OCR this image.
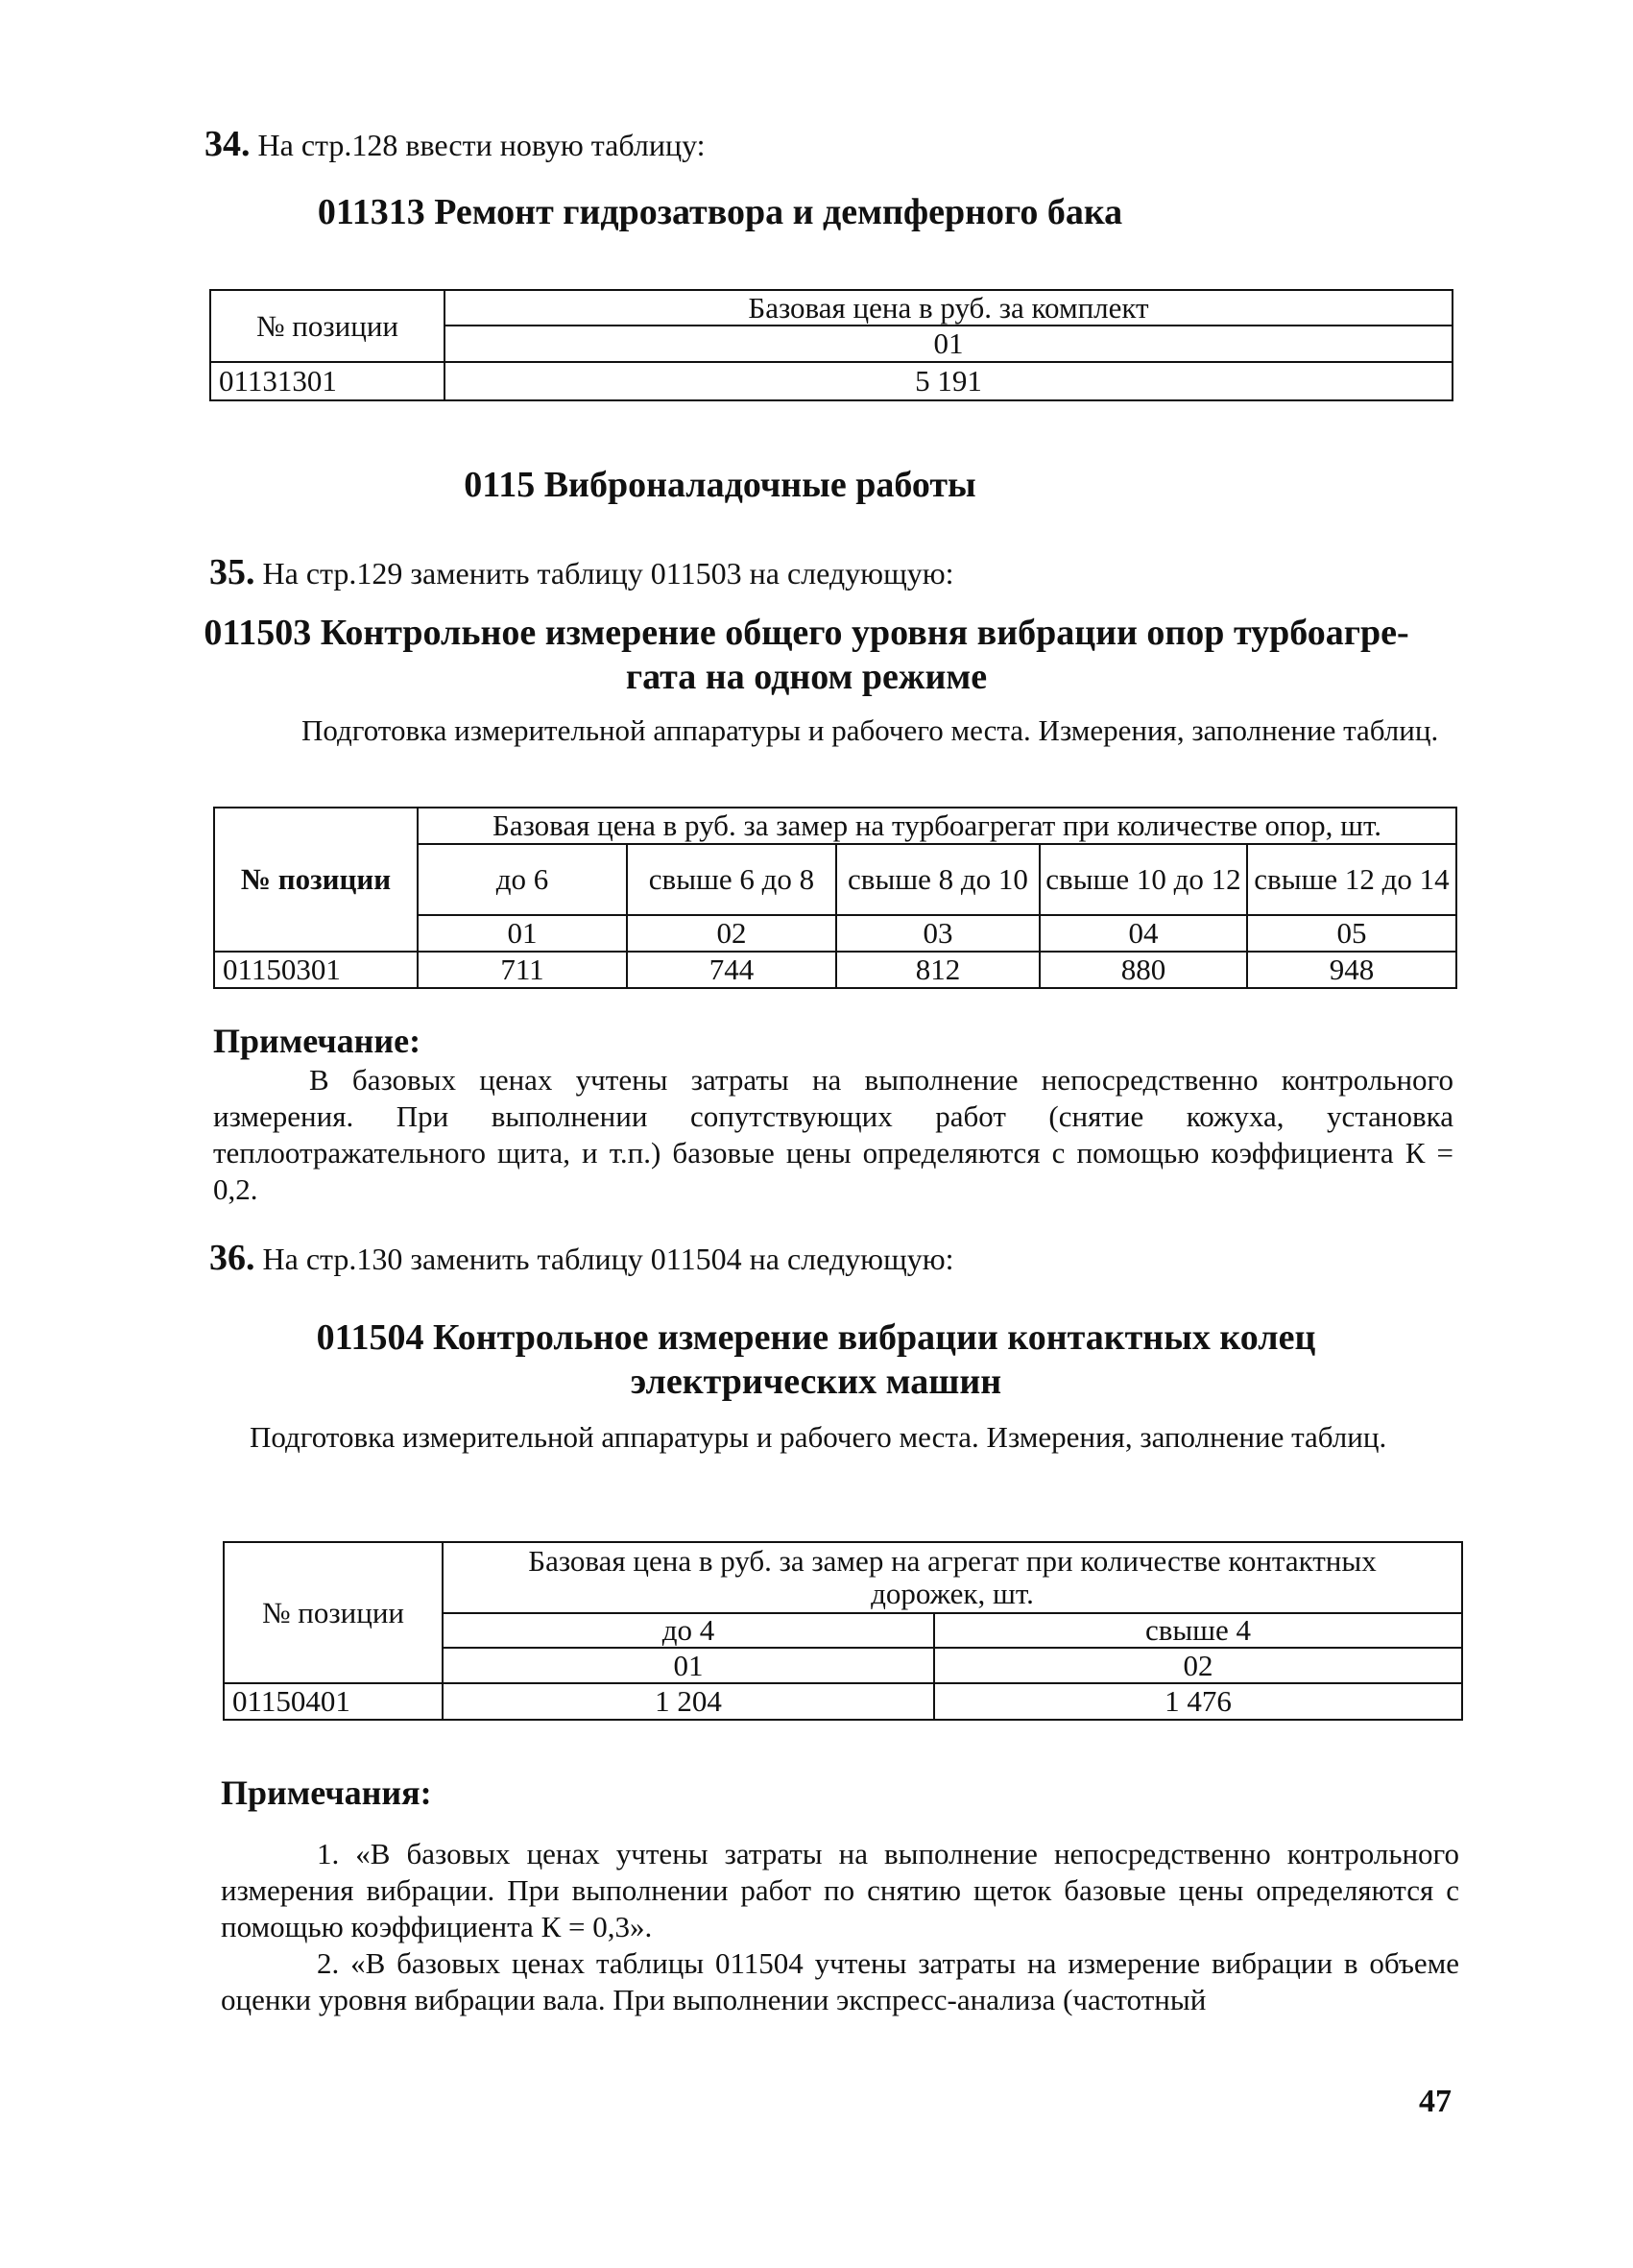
34. На стр.128 ввести новую таблицу:
011313 Ремонт гидрозатвора и демпферного бака
№ позиции	Базовая цена в руб. за комплект
	01
01131301	5 191
0115 Виброналадочные работы
35. На стр.129 заменить таблицу 011503 на следующую:
011503 Контрольное измерение общего уровня вибрации опор турбоагре-
гата на одном режиме
Подготовка измерительной аппаратуры и рабочего места. Измерения, заполнение таблиц.
№ позиции	Базовая цена в руб. за замер на турбоагрегат при количестве опор, шт.				
	до 6	свыше 6 до 8	свыше 8 до 10	свыше 10 до 12	свыше 12 до 14
	01	02	03	04	05
01150301	711	744	812	880	948
Примечание:
В базовых ценах учтены затраты на выполнение непосредственно контрольного измерения. При выполнении сопутствующих работ (снятие кожуха, установка теплоотражательного щита, и т.п.) базовые цены определяются с помощью коэффициента К = 0,2.
36. На стр.130 заменить таблицу 011504 на следующую:
011504 Контрольное измерение вибрации контактных колец
электрических машин
Подготовка измерительной аппаратуры и рабочего места. Измерения, заполнение таблиц.
№ позиции	Базовая цена в руб. за замер на агрегат при количестве контактных дорожек, шт.	
	до 4	свыше 4
	01	02
01150401	1 204	1 476
Примечания:
1. «В базовых ценах учтены затраты на выполнение непосредственно контрольного измерения вибрации. При выполнении работ по снятию щеток базовые цены определяются с помощью коэффициента К = 0,3».
2. «В базовых ценах таблицы 011504 учтены затраты на измерение вибрации в объеме оценки уровня вибрации вала. При выполнении экспресс-анализа (частотный
47
